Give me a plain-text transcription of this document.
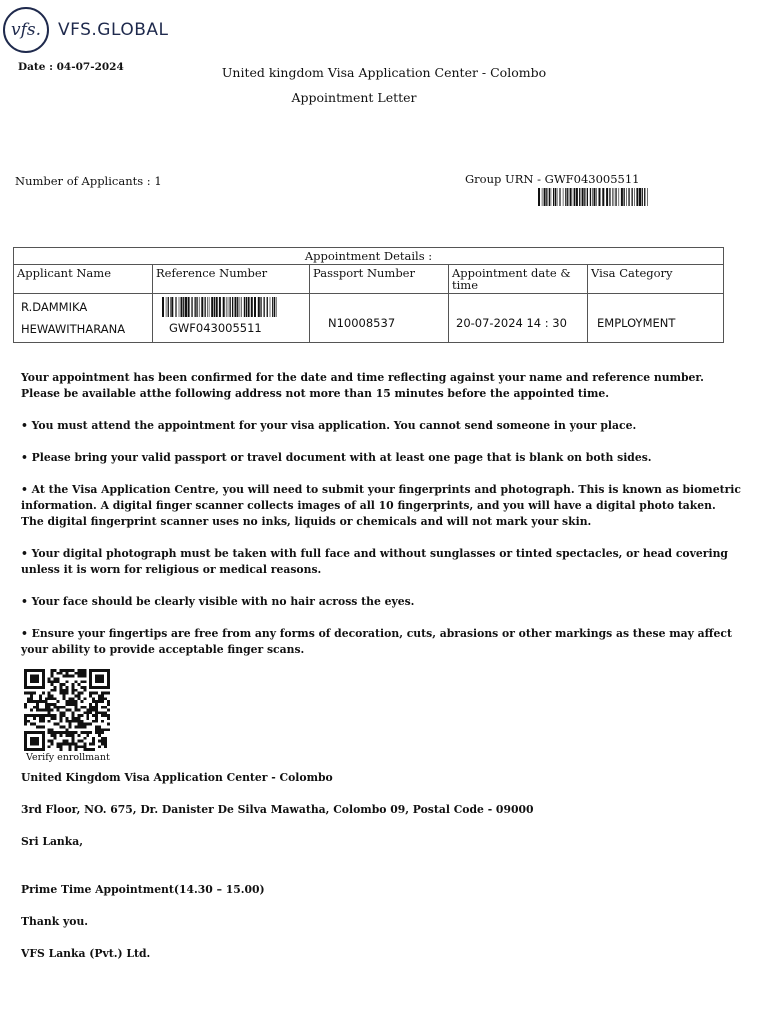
vfs. VFS.GLOBAL
Date : 04-07-2024	United kingdom Visa Application Center - Colombo
Appointment Letter
Number of Applicants : 1	Group URN - GWF043005511
Appointment Details :				
Applicant Name	Reference Number	Passport Number	Appointment date & time	Visa Category

R.DAMMIKA
HEWAWITHARANA	GWF043005511	N10008537	20-07-2024 14 : 30	EMPLOYMENT
Your appointment has been confirmed for the date and time reflecting against your name and reference number. Please be available atthe following address not more than 15 minutes before the appointed time.
• You must attend the appointment for your visa application. You cannot send someone in your place.
• Please bring your valid passport or travel document with at least one page that is blank on both sides.
• At the Visa Application Centre, you will need to submit your fingerprints and photograph. This is known as biometric information. A digital finger scanner collects images of all 10 fingerprints, and you will have a digital photo taken. The digital fingerprint scanner uses no inks, liquids or chemicals and will not mark your skin.
• Your digital photograph must be taken with full face and without sunglasses or tinted spectacles, or head covering unless it is worn for religious or medical reasons.
• Your face should be clearly visible with no hair across the eyes.
• Ensure your fingertips are free from any forms of decoration, cuts, abrasions or other markings as these may affect your ability to provide acceptable finger scans.
Verify enrollmant
United Kingdom Visa Application Center - Colombo
3rd Floor, NO. 675, Dr. Danister De Silva Mawatha, Colombo 09, Postal Code - 09000
Sri Lanka,
Prime Time Appointment(14.30 – 15.00)
Thank you.
VFS Lanka (Pvt.) Ltd.
